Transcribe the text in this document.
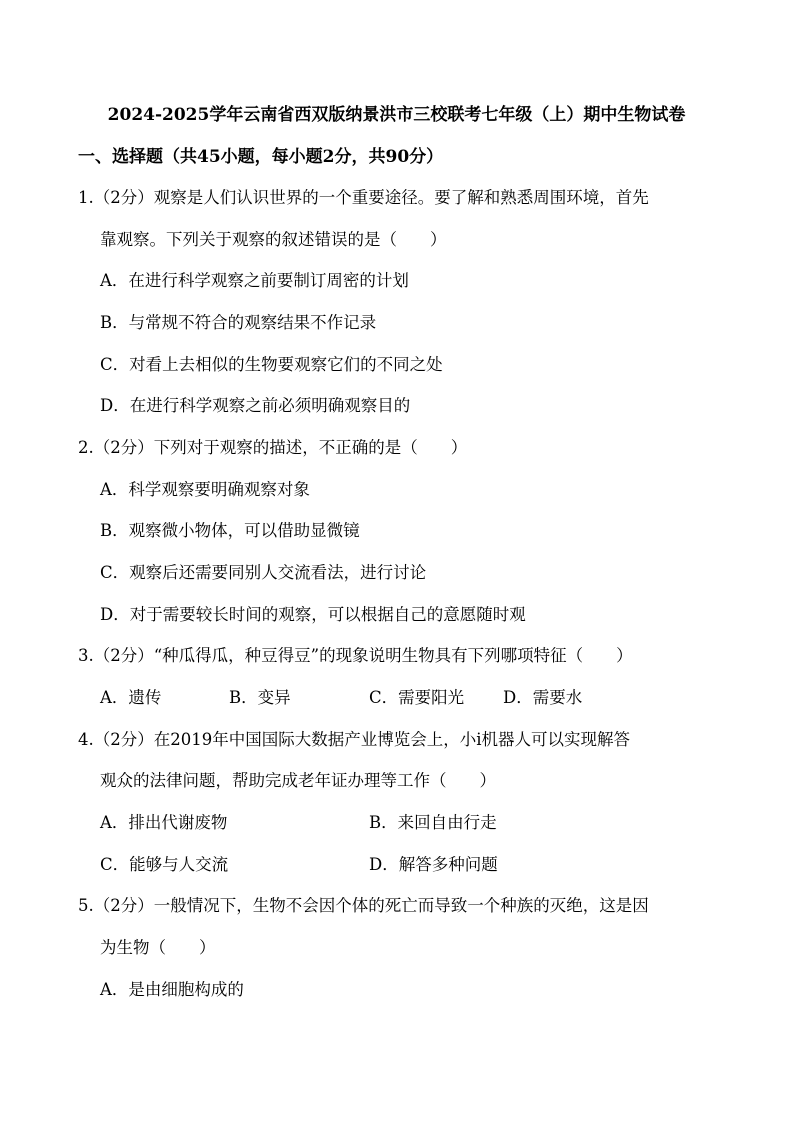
2024-2025学年云南省西双版纳景洪市三校联考七年级（上）期中生物试卷
一、选择题（共45小题，每小题2分，共90分）
1.（2分）观察是人们认识世界的一个重要途径。要了解和熟悉周围环境，首先
靠观察。下列关于观察的叙述错误的是（　　）
A．在进行科学观察之前要制订周密的计划
B．与常规不符合的观察结果不作记录
C．对看上去相似的生物要观察它们的不同之处
D．在进行科学观察之前必须明确观察目的
2.（2分）下列对于观察的描述，不正确的是（　　）
A．科学观察要明确观察对象
B．观察微小物体，可以借助显微镜
C．观察后还需要同别人交流看法，进行讨论
D．对于需要较长时间的观察，可以根据自己的意愿随时观
3.（2分）“种瓜得瓜，种豆得豆”的现象说明生物具有下列哪项特征（　　）
A．遗传	B．变异	C．需要阳光 D．需要水
4.（2分）在2019年中国国际大数据产业博览会上，小i机器人可以实现解答
观众的法律问题，帮助完成老年证办理等工作（　　）
A．排出代谢废物	B．来回自由行走
C．能够与人交流	D．解答多种问题
5.（2分）一般情况下，生物不会因个体的死亡而导致一个种族的灭绝，这是因
为生物（　　）
A．是由细胞构成的
